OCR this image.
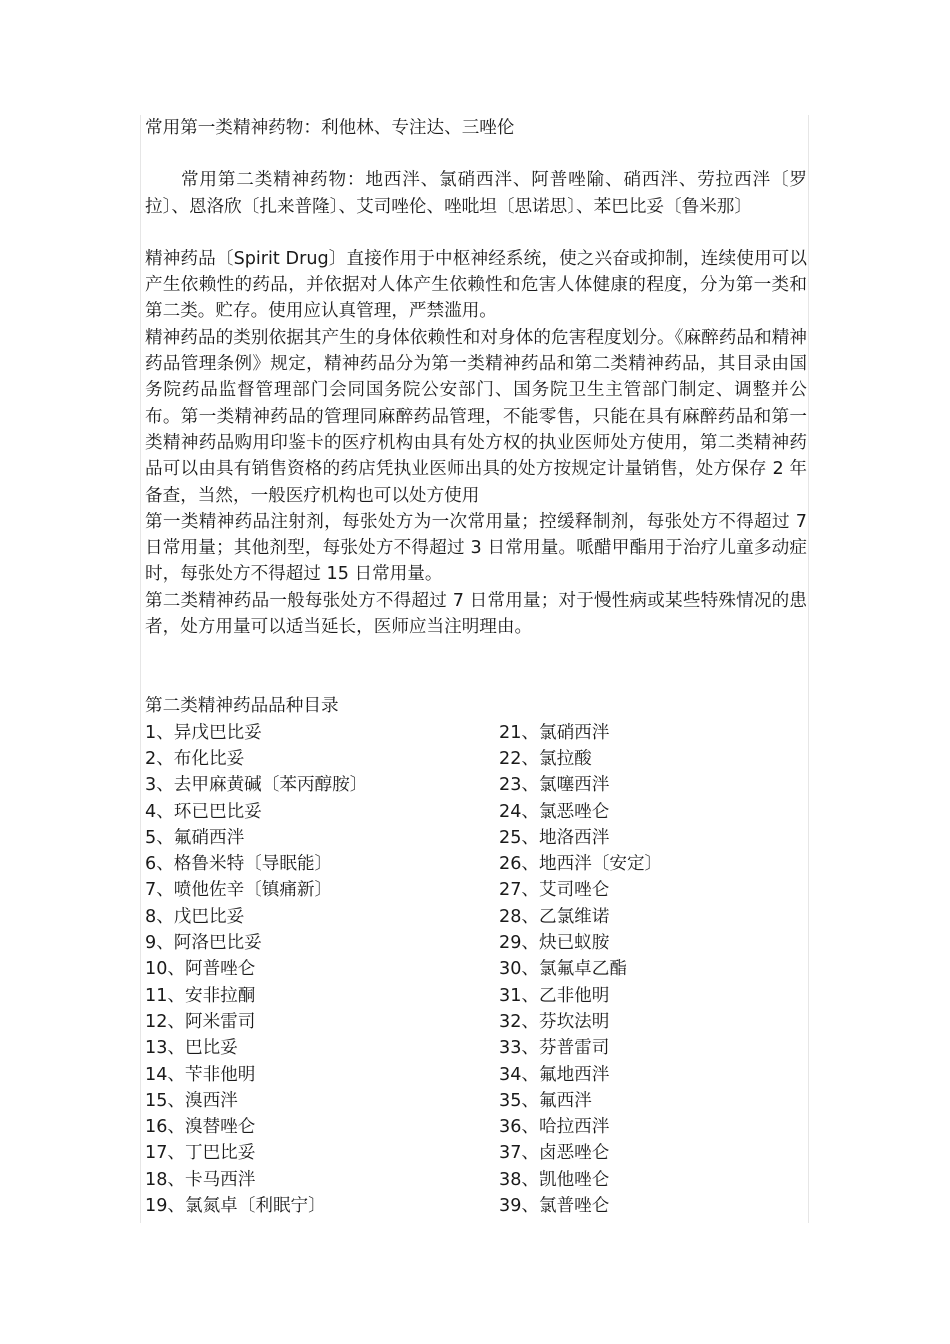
常用第一类精神药物：利他林、专注达、三唑伦

常用第二类精神药物：地西泮、氯硝西泮、阿普唑隃、硝西泮、劳拉西泮〔罗拉〕、恩洛欣〔扎来普隆〕、艾司唑伦、唑吡坦〔思诺思〕、苯巴比妥〔鲁米那〕

精神药品〔Spirit Drug〕直接作用于中枢神经系统，使之兴奋或抑制，连续使用可以产生依赖性的药品，并依据对人体产生依赖性和危害人体健康的程度，分为第一类和第二类。贮存。使用应认真管理，严禁滥用。

精神药品的类别依据其产生的身体依赖性和对身体的危害程度划分。《麻醉药品和精神药品管理条例》规定，精神药品分为第一类精神药品和第二类精神药品，其目录由国务院药品监督管理部门会同国务院公安部门、国务院卫生主管部门制定、调整并公布。第一类精神药品的管理同麻醉药品管理，不能零售，只能在具有麻醉药品和第一类精神药品购用印鉴卡的医疗机构由具有处方权的执业医师处方使用，第二类精神药品可以由具有销售资格的药店凭执业医师出具的处方按规定计量销售，处方保存 2 年备查，当然，一般医疗机构也可以处方使用

第一类精神药品注射剂，每张处方为一次常用量；控缓释制剂，每张处方不得超过 7 日常用量；其他剂型，每张处方不得超过 3 日常用量。哌醋甲酯用于治疗儿童多动症时，每张处方不得超过 15 日常用量。

第二类精神药品一般每张处方不得超过 7 日常用量；对于慢性病或某些特殊情况的患者，处方用量可以适当延长，医师应当注明理由。

第二类精神药品品种目录

1、异戊巴比妥	21、氯硝西泮
2、布化比妥	22、氯拉酸
3、去甲麻黄碱〔苯丙醇胺〕	23、氯噻西泮
4、环已巴比妥	24、氯恶唑仑
5、氟硝西泮	25、地洛西泮
6、格鲁米特〔导眠能〕	26、地西泮〔安定〕
7、喷他佐辛〔镇痛新〕	27、艾司唑仑
8、戊巴比妥	28、乙氯维诺
9、阿洛巴比妥	29、炔已蚁胺
10、阿普唑仑	30、氯氟卓乙酯
11、安非拉酮	31、乙非他明
12、阿米雷司	32、芬坎法明
13、巴比妥	33、芬普雷司
14、苄非他明	34、氟地西泮
15、溴西泮	35、氟西泮
16、溴替唑仑	36、哈拉西泮
17、丁巴比妥	37、卤恶唑仑
18、卡马西泮	38、凯他唑仑
19、氯氮卓〔利眠宁〕	39、氯普唑仑
